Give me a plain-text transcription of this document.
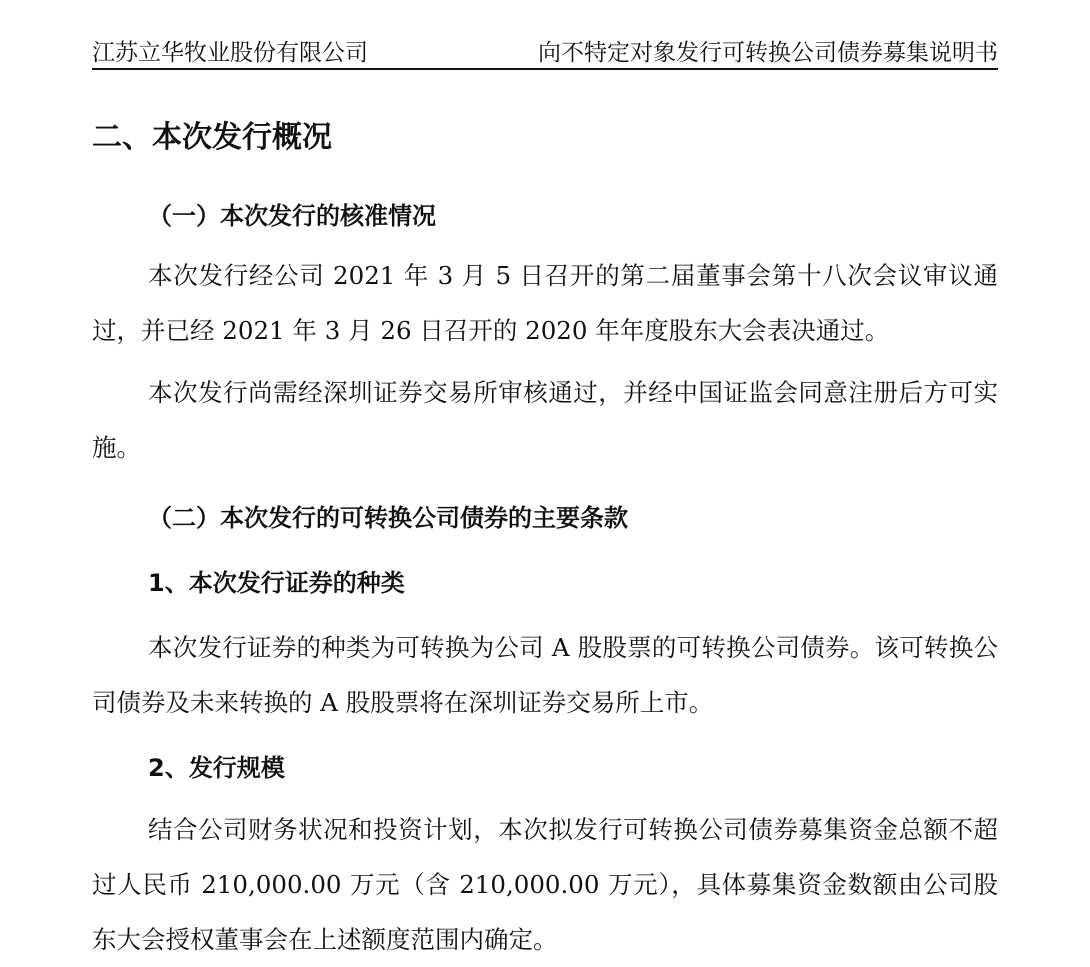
江苏立华牧业股份有限公司	向不特定对象发行可转换公司债券募集说明书
二、本次发行概况
（一）本次发行的核准情况

本次发行经公司 2021 年 3 月 5 日召开的第二届董事会第十八次会议审议通过，并已经 2021 年 3 月 26 日召开的 2020 年年度股东大会表决通过。

本次发行尚需经深圳证券交易所审核通过，并经中国证监会同意注册后方可实施。

（二）本次发行的可转换公司债券的主要条款
1、本次发行证券的种类

本次发行证券的种类为可转换为公司 A 股股票的可转换公司债券。该可转换公司债券及未来转换的 A 股股票将在深圳证券交易所上市。

2、发行规模

结合公司财务状况和投资计划，本次拟发行可转换公司债券募集资金总额不超过人民币 210,000.00 万元（含 210,000.00 万元），具体募集资金数额由公司股东大会授权董事会在上述额度范围内确定。
